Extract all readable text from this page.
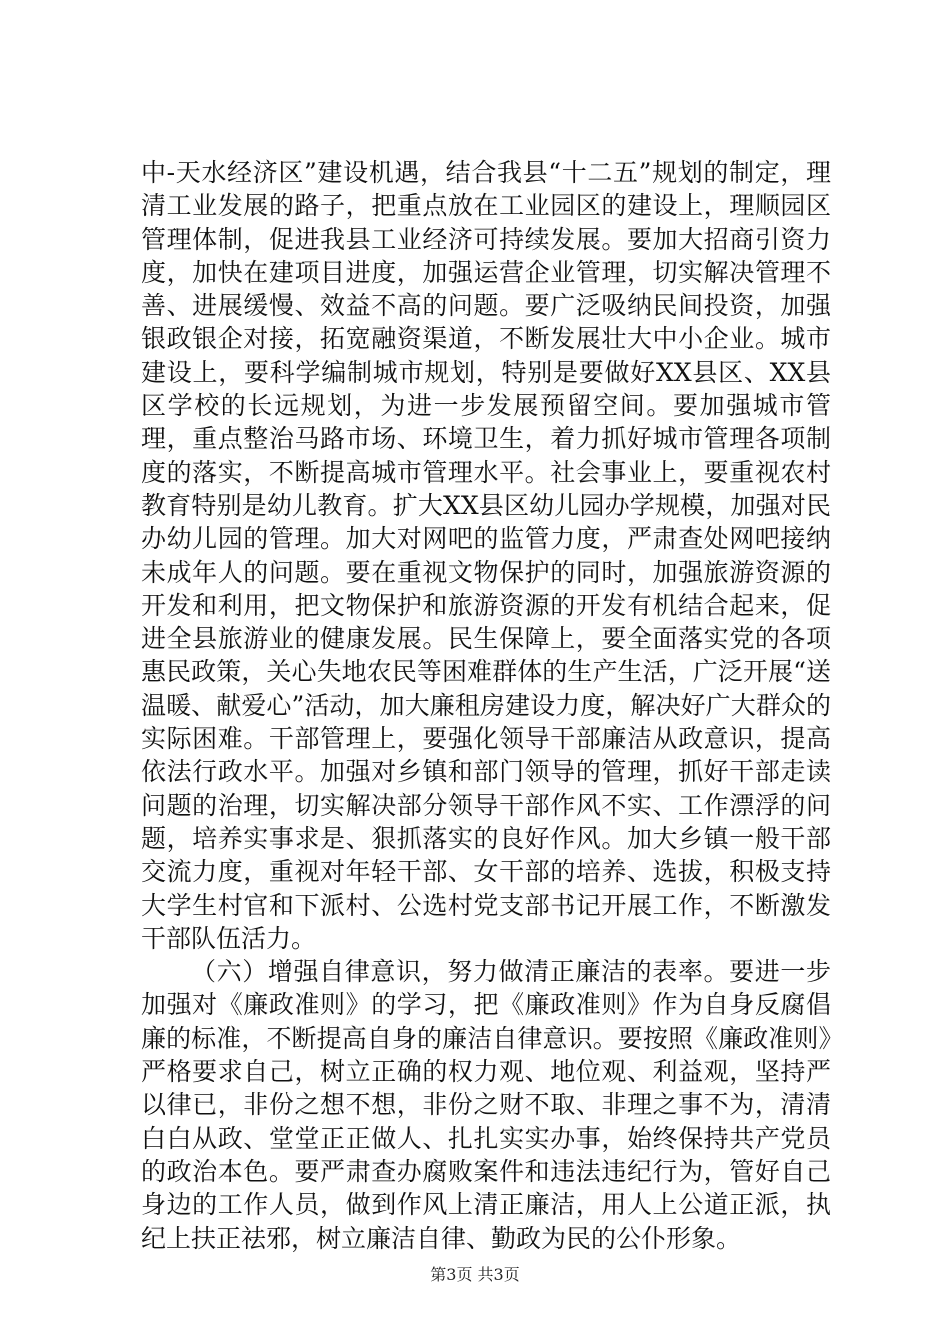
中-天水经济区”建设机遇，结合我县“十二五”规划的制定，理清工业发展的路子，把重点放在工业园区的建设上，理顺园区管理体制，促进我县工业经济可持续发展。要加大招商引资力度，加快在建项目进度，加强运营企业管理，切实解决管理不善、进展缓慢、效益不高的问题。要广泛吸纳民间投资，加强银政银企对接，拓宽融资渠道，不断发展壮大中小企业。城市建设上，要科学编制城市规划，特别是要做好XX县区、XX县区学校的长远规划，为进一步发展预留空间。要加强城市管理，重点整治马路市场、环境卫生，着力抓好城市管理各项制度的落实，不断提高城市管理水平。社会事业上，要重视农村教育特别是幼儿教育。扩大XX县区幼儿园办学规模，加强对民办幼儿园的管理。加大对网吧的监管力度，严肃查处网吧接纳未成年人的问题。要在重视文物保护的同时，加强旅游资源的开发和利用，把文物保护和旅游资源的开发有机结合起来，促进全县旅游业的健康发展。民生保障上，要全面落实党的各项惠民政策，关心失地农民等困难群体的生产生活，广泛开展“送温暖、献爱心”活动，加大廉租房建设力度，解决好广大群众的实际困难。干部管理上，要强化领导干部廉洁从政意识，提高依法行政水平。加强对乡镇和部门领导的管理，抓好干部走读问题的治理，切实解决部分领导干部作风不实、工作漂浮的问题，培养实事求是、狠抓落实的良好作风。加大乡镇一般干部交流力度，重视对年轻干部、女干部的培养、选拔，积极支持大学生村官和下派村、公选村党支部书记开展工作，不断激发干部队伍活力。

（六）增强自律意识，努力做清正廉洁的表率。要进一步加强对《廉政准则》的学习，把《廉政准则》作为自身反腐倡廉的标准，不断提高自身的廉洁自律意识。要按照《廉政准则》严格要求自己，树立正确的权力观、地位观、利益观，坚持严以律已，非份之想不想，非份之财不取、非理之事不为，清清白白从政、堂堂正正做人、扎扎实实办事，始终保持共产党员的政治本色。要严肃查办腐败案件和违法违纪行为，管好自己身边的工作人员，做到作风上清正廉洁，用人上公道正派，执纪上扶正祛邪，树立廉洁自律、勤政为民的公仆形象。

第3页 共3页
